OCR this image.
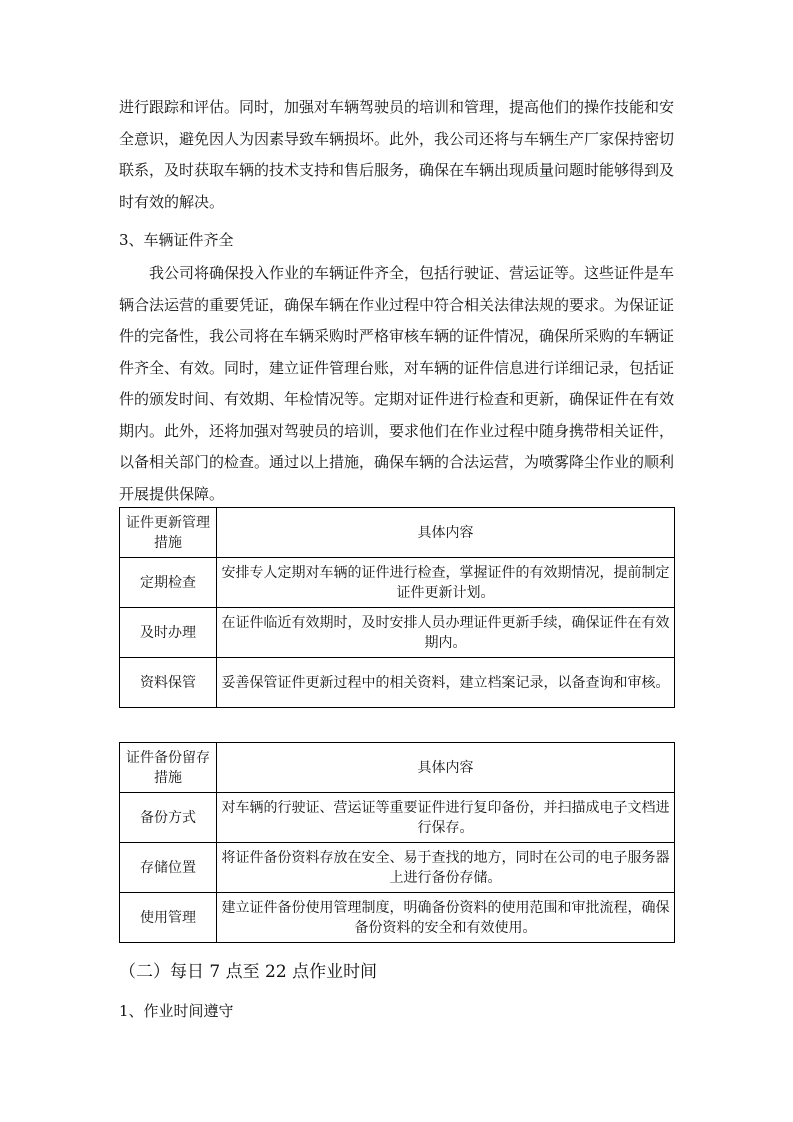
进行跟踪和评估。同时，加强对车辆驾驶员的培训和管理，提高他们的操作技能和安全意识，避免因人为因素导致车辆损坏。此外，我公司还将与车辆生产厂家保持密切联系，及时获取车辆的技术支持和售后服务，确保在车辆出现质量问题时能够得到及时有效的解决。

3、车辆证件齐全

我公司将确保投入作业的车辆证件齐全，包括行驶证、营运证等。这些证件是车辆合法运营的重要凭证，确保车辆在作业过程中符合相关法律法规的要求。为保证证件的完备性，我公司将在车辆采购时严格审核车辆的证件情况，确保所采购的车辆证件齐全、有效。同时，建立证件管理台账，对车辆的证件信息进行详细记录，包括证件的颁发时间、有效期、年检情况等。定期对证件进行检查和更新，确保证件在有效期内。此外，还将加强对驾驶员的培训，要求他们在作业过程中随身携带相关证件，以备相关部门的检查。通过以上措施，确保车辆的合法运营，为喷雾降尘作业的顺利开展提供保障。

证件更新管理措施	具体内容
定期检查	安排专人定期对车辆的证件进行检查，掌握证件的有效期情况，提前制定证件更新计划。
及时办理	在证件临近有效期时，及时安排人员办理证件更新手续，确保证件在有效期内。
资料保管	妥善保管证件更新过程中的相关资料，建立档案记录，以备查询和审核。
证件备份留存措施	具体内容
备份方式	对车辆的行驶证、营运证等重要证件进行复印备份，并扫描成电子文档进行保存。
存储位置	将证件备份资料存放在安全、易于查找的地方，同时在公司的电子服务器上进行备份存储。
使用管理	建立证件备份使用管理制度，明确备份资料的使用范围和审批流程，确保备份资料的安全和有效使用。

（二）每日 7 点至 22 点作业时间

1、作业时间遵守
